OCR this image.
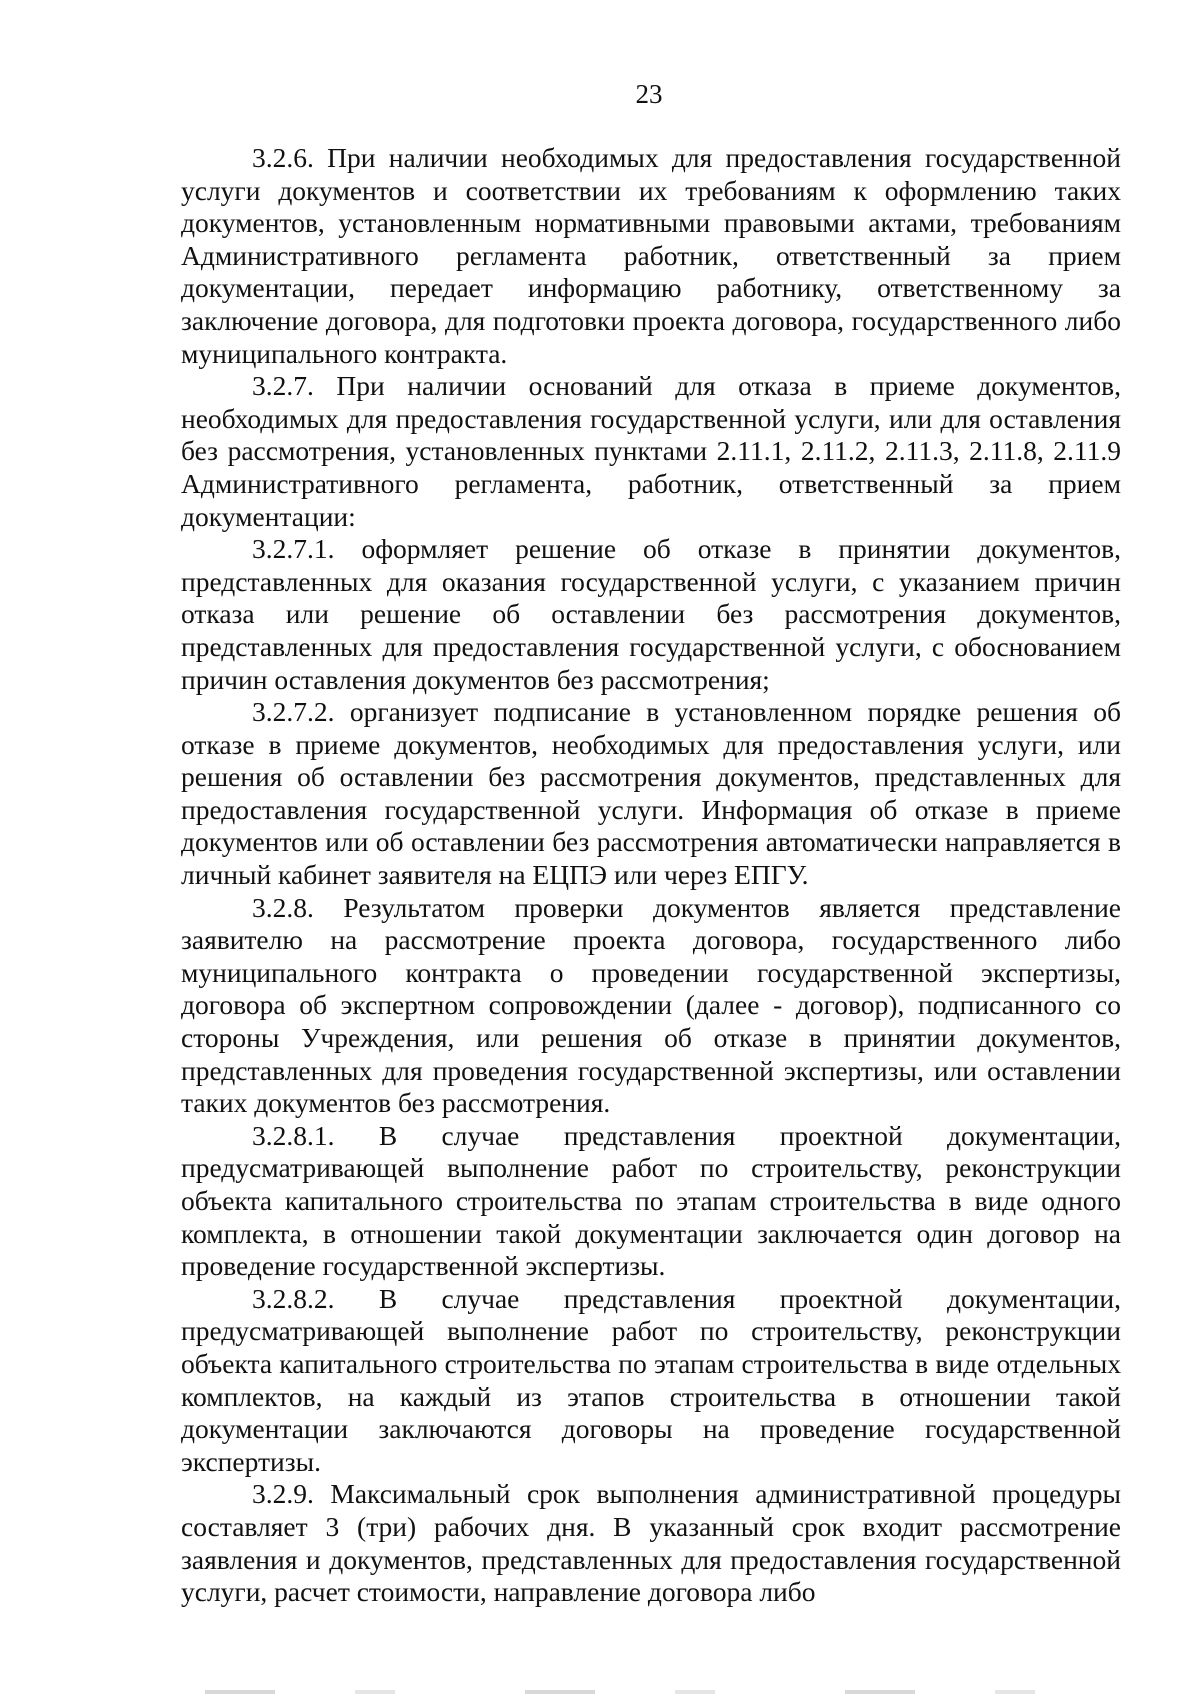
23

3.2.6. При наличии необходимых для предоставления государственной услуги документов и соответствии их требованиям к оформлению таких документов, установленным нормативными правовыми актами, требованиям Административного регламента работник, ответственный за прием документации, передает информацию работнику, ответственному за заключение договора, для подготовки проекта договора, государственного либо муниципального контракта.

3.2.7. При наличии оснований для отказа в приеме документов, необходимых для предоставления государственной услуги, или для оставления без рассмотрения, установленных пунктами 2.11.1, 2.11.2, 2.11.3, 2.11.8, 2.11.9 Административного регламента, работник, ответственный за прием документации:

3.2.7.1. оформляет решение об отказе в принятии документов, представленных для оказания государственной услуги, с указанием причин отказа или решение об оставлении без рассмотрения документов, представленных для предоставления государственной услуги, с обоснованием причин оставления документов без рассмотрения;

3.2.7.2. организует подписание в установленном порядке решения об отказе в приеме документов, необходимых для предоставления услуги, или решения об оставлении без рассмотрения документов, представленных для предоставления государственной услуги. Информация об отказе в приеме документов или об оставлении без рассмотрения автоматически направляется в личный кабинет заявителя на ЕЦПЭ или через ЕПГУ.

3.2.8. Результатом проверки документов является представление заявителю на рассмотрение проекта договора, государственного либо муниципального контракта о проведении государственной экспертизы, договора об экспертном сопровождении (далее - договор), подписанного со стороны Учреждения, или решения об отказе в принятии документов, представленных для проведения государственной экспертизы, или оставлении таких документов без рассмотрения.

3.2.8.1. В случае представления проектной документации, предусматривающей выполнение работ по строительству, реконструкции объекта капитального строительства по этапам строительства в виде одного комплекта, в отношении такой документации заключается один договор на проведение государственной экспертизы.

3.2.8.2. В случае представления проектной документации, предусматривающей выполнение работ по строительству, реконструкции объекта капитального строительства по этапам строительства в виде отдельных комплектов, на каждый из этапов строительства в отношении такой документации заключаются договоры на проведение государственной экспертизы.

3.2.9. Максимальный срок выполнения административной процедуры составляет 3 (три) рабочих дня. В указанный срок входит рассмотрение заявления и документов, представленных для предоставления государственной услуги, расчет стоимости, направление договора либо
